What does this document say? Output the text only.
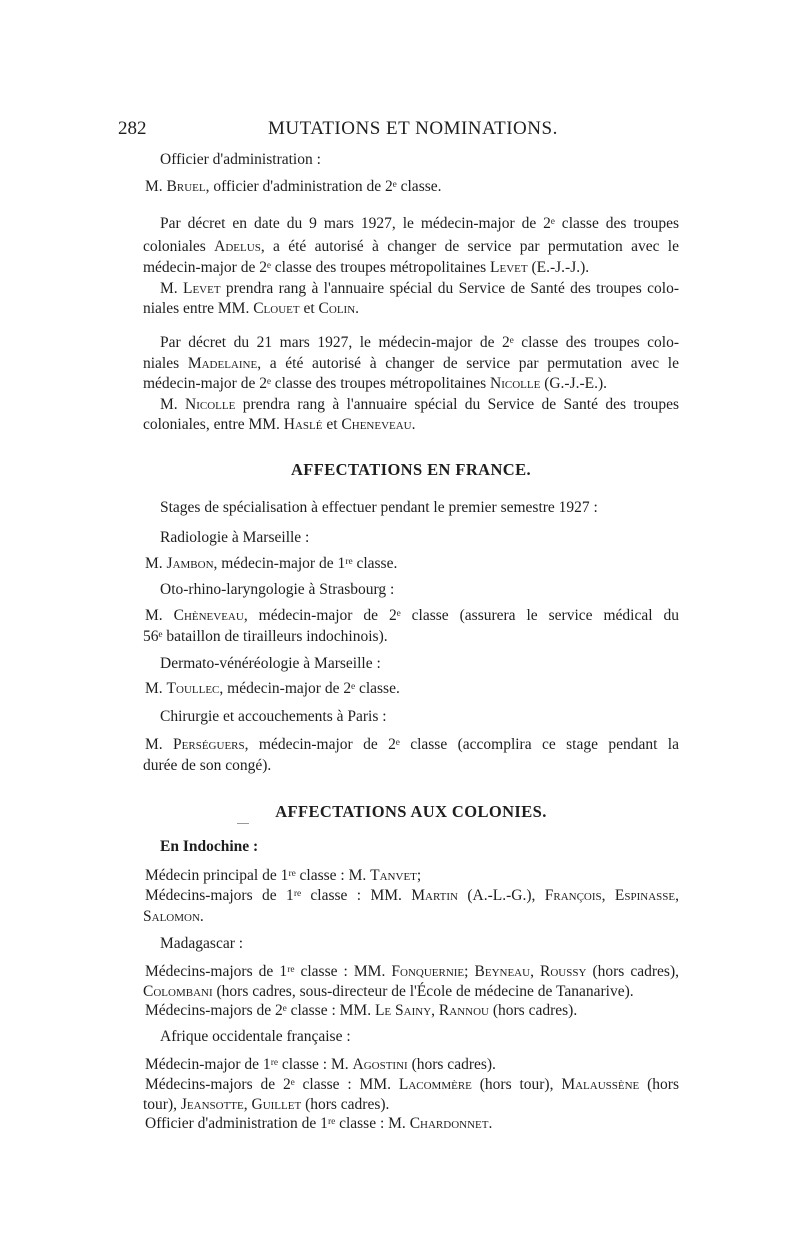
282	MUTATIONS ET NOMINATIONS.
Officier d'administration :
M. Bruel, officier d'administration de 2ᵉ classe.
Par décret en date du 9 mars 1927, le médecin-major de 2ᵉ classe des troupes
coloniales Adelus, a été autorisé à changer de service par permutation avec le
médecin-major de 2ᵉ classe des troupes métropolitaines Levet (E.-J.-J.).
M. Levet prendra rang à l'annuaire spécial du Service de Santé des troupes colo-
niales entre MM. Clouet et Colin.
Par décret du 21 mars 1927, le médecin-major de 2ᵉ classe des troupes colo-
niales Madelaine, a été autorisé à changer de service par permutation avec le
médecin-major de 2ᵉ classe des troupes métropolitaines Nicolle (G.-J.-E.).
M. Nicolle prendra rang à l'annuaire spécial du Service de Santé des troupes
coloniales, entre MM. Haslé et Cheneveau.
AFFECTATIONS EN FRANCE.
Stages de spécialisation à effectuer pendant le premier semestre 1927 :
Radiologie à Marseille :
M. Jambon, médecin-major de 1ʳᵉ classe.
Oto-rhino-laryngologie à Strasbourg :
M. Chèneveau, médecin-major de 2ᵉ classe (assurera le service médical du
56ᵉ bataillon de tirailleurs indochinois).
Dermato-vénéréologie à Marseille :
M. Toullec, médecin-major de 2ᵉ classe.
Chirurgie et accouchements à Paris :
M. Perséguers, médecin-major de 2ᵉ classe (accomplira ce stage pendant la
durée de son congé).
AFFECTATIONS AUX COLONIES.
En Indochine :
Médecin principal de 1ʳᵉ classe : M. Tanvet;
Médecins-majors de 1ʳᵉ classe : MM. Martin (A.-L.-G.), François, Espinasse,
Salomon.
Madagascar :
Médecins-majors de 1ʳᵉ classe : MM. Fonquernie; Beyneau, Roussy (hors cadres),
Colombani (hors cadres, sous-directeur de l'École de médecine de Tananarive).
Médecins-majors de 2ᵉ classe : MM. Le Sainy, Rannou (hors cadres).
Afrique occidentale française :
Médecin-major de 1ʳᵉ classe : M. Agostini (hors cadres).
Médecins-majors de 2ᵉ classe : MM. Lacommère (hors tour), Malaussène (hors
tour), Jeansotte, Guillet (hors cadres).
Officier d'administration de 1ʳᵉ classe : M. Chardonnet.
